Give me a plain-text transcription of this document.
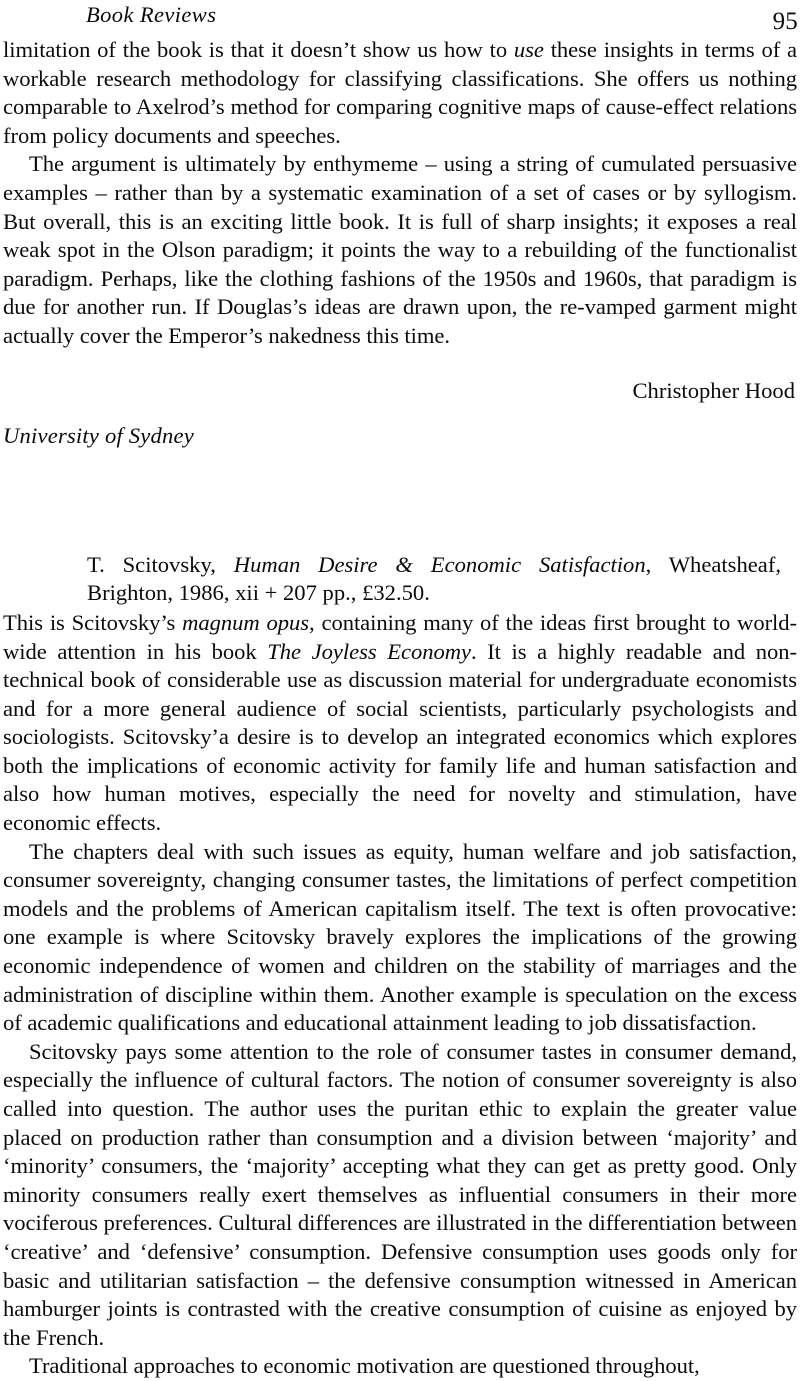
Book Reviews	95

limitation of the book is that it doesn’t show us how to use these insights in terms of a workable research methodology for classifying classifications. She offers us nothing comparable to Axelrod’s method for comparing cognitive maps of cause-effect relations from policy documents and speeches.

The argument is ultimately by enthymeme – using a string of cumulated persuasive examples – rather than by a systematic examination of a set of cases or by syllogism. But overall, this is an exciting little book. It is full of sharp insights; it exposes a real weak spot in the Olson paradigm; it points the way to a rebuilding of the functionalist paradigm. Perhaps, like the clothing fashions of the 1950s and 1960s, that paradigm is due for another run. If Douglas’s ideas are drawn upon, the re-vamped garment might actually cover the Emperor’s nakedness this time.

Christopher Hood

University of Sydney

T. Scitovsky, Human Desire & Economic Satisfaction, Wheatsheaf, Brighton, 1986, xii + 207 pp., £32.50.

This is Scitovsky’s magnum opus, containing many of the ideas first brought to world-wide attention in his book The Joyless Economy. It is a highly readable and non-technical book of considerable use as discussion material for undergraduate economists and for a more general audience of social scientists, particularly psychologists and sociologists. Scitovsky’a desire is to develop an integrated economics which explores both the implications of economic activity for family life and human satisfaction and also how human motives, especially the need for novelty and stimulation, have economic effects.

The chapters deal with such issues as equity, human welfare and job satisfaction, consumer sovereignty, changing consumer tastes, the limitations of perfect competition models and the problems of American capitalism itself. The text is often provocative: one example is where Scitovsky bravely explores the implications of the growing economic independence of women and children on the stability of marriages and the administration of discipline within them. Another example is speculation on the excess of academic qualifications and educational attainment leading to job dissatisfaction.

Scitovsky pays some attention to the role of consumer tastes in consumer demand, especially the influence of cultural factors. The notion of consumer sovereignty is also called into question. The author uses the puritan ethic to explain the greater value placed on production rather than consumption and a division between ‘majority’ and ‘minority’ consumers, the ‘majority’ accepting what they can get as pretty good. Only minority consumers really exert themselves as influential consumers in their more vociferous preferences. Cultural differences are illustrated in the differentiation between ‘creative’ and ‘defensive’ consumption. Defensive consumption uses goods only for basic and utilitarian satisfaction – the defensive consumption witnessed in American hamburger joints is contrasted with the creative consumption of cuisine as enjoyed by the French.

Traditional approaches to economic motivation are questioned throughout,
